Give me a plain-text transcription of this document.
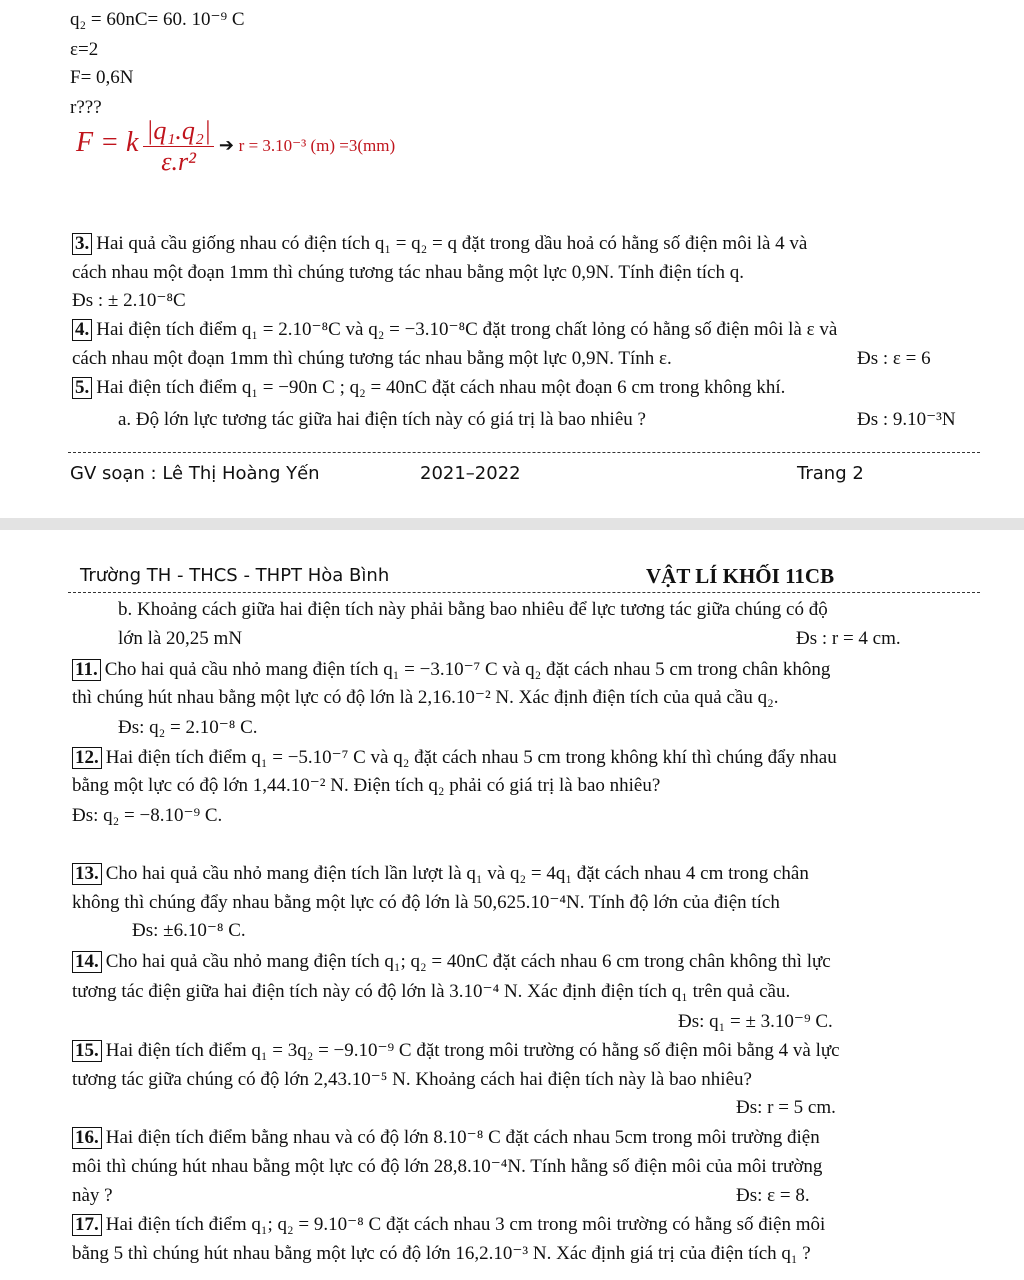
q₂ = 60nC= 60. 10⁻⁹ C
ε=2
F= 0,6N
r???
F = k $\frac{\text{|q₁.q₂|}}{\text{ε.r²}}$ ➔ r = 3.10⁻³ (m) =3(mm)
3. Hai quả cầu giống nhau có điện tích q₁ = q₂ = q đặt trong dầu hoả có hằng số điện môi là 4 và
cách nhau một đoạn 1mm thì chúng tương tác nhau bằng một lực 0,9N. Tính điện tích q.
Đs : ± 2.10⁻⁸C
4. Hai điện tích điểm q₁ = 2.10⁻⁸C và q₂ = −3.10⁻⁸C đặt trong chất lỏng có hằng số điện môi là ε và
cách nhau một đoạn 1mm thì chúng tương tác nhau bằng một lực 0,9N. Tính ε.	Đs : ε = 6
5. Hai điện tích điểm q₁ = −90n C ; q₂ = 40nC đặt cách nhau một đoạn 6 cm trong không khí.
a. Độ lớn lực tương tác giữa hai điện tích này có giá trị là bao nhiêu ?	Đs : 9.10⁻³N
GV soạn : Lê Thị Hoàng Yến	2021–2022	Trang 2
Trường TH - THCS - THPT Hòa Bình	VẬT LÍ KHỐI 11CB
b. Khoảng cách giữa hai điện tích này phải bằng bao nhiêu để lực tương tác giữa chúng có độ
lớn là 20,25 mN	Đs : r = 4 cm.
11. Cho hai quả cầu nhỏ mang điện tích q₁ = −3.10⁻⁷ C và q₂ đặt cách nhau 5 cm trong chân không
thì chúng hút nhau bằng một lực có độ lớn là 2,16.10⁻² N. Xác định điện tích của quả cầu q₂.
Đs: q₂ = 2.10⁻⁸ C.
12. Hai điện tích điểm q₁ = −5.10⁻⁷ C và q₂ đặt cách nhau 5 cm trong không khí thì chúng đẩy nhau
bằng một lực có độ lớn 1,44.10⁻² N. Điện tích q₂ phải có giá trị là bao nhiêu?
Đs: q₂ = −8.10⁻⁹ C.
13. Cho hai quả cầu nhỏ mang điện tích lần lượt là q₁ và q₂ = 4q₁ đặt cách nhau 4 cm trong chân
không thì chúng đẩy nhau bằng một lực có độ lớn là 50,625.10⁻⁴N. Tính độ lớn của điện tích
Đs: ±6.10⁻⁸ C.
14. Cho hai quả cầu nhỏ mang điện tích q₁; q₂ = 40nC đặt cách nhau 6 cm trong chân không thì lực
tương tác điện giữa hai điện tích này có độ lớn là 3.10⁻⁴ N. Xác định điện tích q₁ trên quả cầu.
Đs: q₁ = ± 3.10⁻⁹ C.
15. Hai điện tích điểm q₁ = 3q₂ = −9.10⁻⁹ C đặt trong môi trường có hằng số điện môi bằng 4 và lực
tương tác giữa chúng có độ lớn 2,43.10⁻⁵ N. Khoảng cách hai điện tích này là bao nhiêu?
Đs: r = 5 cm.
16. Hai điện tích điểm bằng nhau và có độ lớn 8.10⁻⁸ C đặt cách nhau 5cm trong môi trường điện
môi thì chúng hút nhau bằng một lực có độ lớn 28,8.10⁻⁴N. Tính hằng số điện môi của môi trường
này ?	Đs: ε = 8.
17. Hai điện tích điểm q₁; q₂ = 9.10⁻⁸ C đặt cách nhau 3 cm trong môi trường có hằng số điện môi
bằng 5 thì chúng hút nhau bằng một lực có độ lớn 16,2.10⁻³ N. Xác định giá trị của điện tích q₁ ?
